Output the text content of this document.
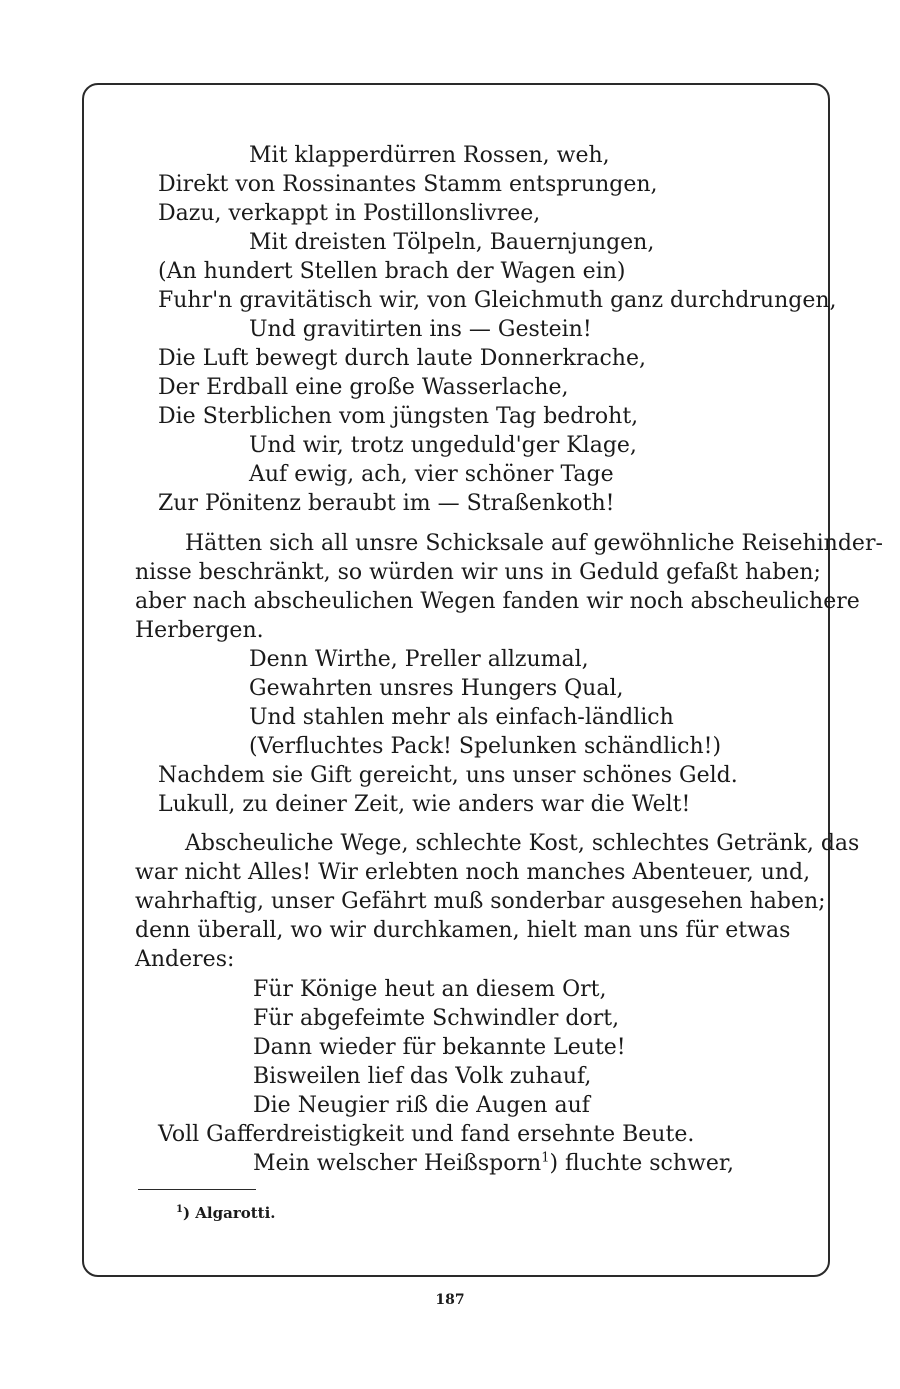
Mit klapperdürren Rossen, weh,
Direkt von Rossinantes Stamm entsprungen,
Dazu, verkappt in Postillonslivree,
Mit dreisten Tölpeln, Bauernjungen,
(An hundert Stellen brach der Wagen ein)
Fuhr'n gravitätisch wir, von Gleichmuth ganz durchdrungen,
Und gravitirten ins — Gestein!
Die Luft bewegt durch laute Donnerkrache,
Der Erdball eine große Wasserlache,
Die Sterblichen vom jüngsten Tag bedroht,
Und wir, trotz ungeduld'ger Klage,
Auf ewig, ach, vier schöner Tage
Zur Pönitenz beraubt im — Straßenkoth!
Hätten sich all unsre Schicksale auf gewöhnliche Reisehinder-
nisse beschränkt, so würden wir uns in Geduld gefaßt haben;
aber nach abscheulichen Wegen fanden wir noch abscheulichere
Herbergen.
Denn Wirthe, Preller allzumal,
Gewahrten unsres Hungers Qual,
Und stahlen mehr als einfach-ländlich
(Verfluchtes Pack! Spelunken schändlich!)
Nachdem sie Gift gereicht, uns unser schönes Geld.
Lukull, zu deiner Zeit, wie anders war die Welt!
Abscheuliche Wege, schlechte Kost, schlechtes Getränk, das
war nicht Alles! Wir erlebten noch manches Abenteuer, und,
wahrhaftig, unser Gefährt muß sonderbar ausgesehen haben;
denn überall, wo wir durchkamen, hielt man uns für etwas
Anderes:
Für Könige heut an diesem Ort,
Für abgefeimte Schwindler dort,
Dann wieder für bekannte Leute!
Bisweilen lief das Volk zuhauf,
Die Neugier riß die Augen auf
Voll Gafferdreistigkeit und fand ersehnte Beute.
Mein welscher Heißsporn$^1$) fluchte schwer,
$^1$) Algarotti.
187
